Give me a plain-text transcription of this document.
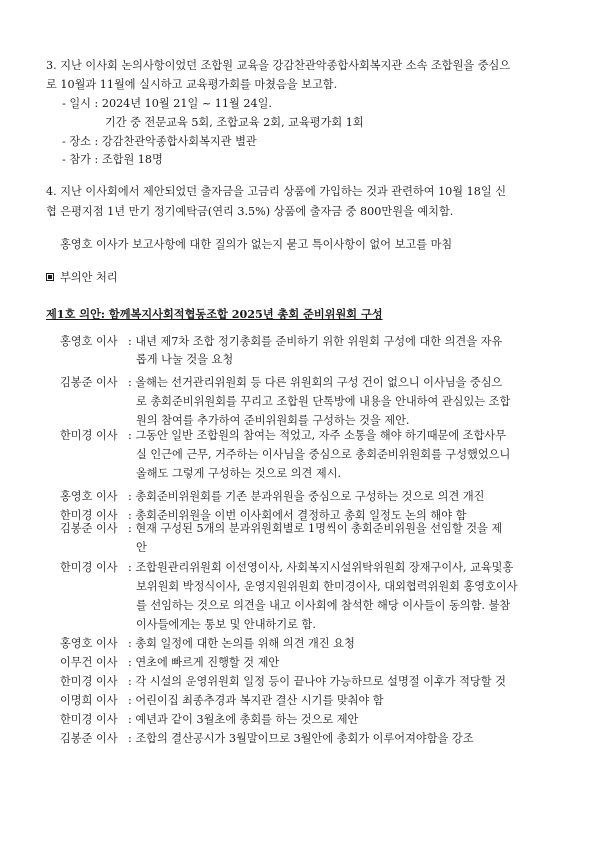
3. 지난 이사회 논의사항이었던 조합원 교육을 강감찬관악종합사회복지관 소속 조합원을 중심으
로 10월과 11월에 실시하고 교육평가회를 마쳤음을 보고함.
- 일시 : 2024년 10월 21일 ~ 11월 24일.
기간 중 전문교육 5회, 조합교육 2회, 교육평가회 1회
- 장소 : 강감찬관악종합사회복지관 별관
- 참가 : 조합원 18명
4. 지난 이사회에서 제안되었던 출자금을 고금리 상품에 가입하는 것과 관련하여 10월 18일 신
협 은평지점 1년 만기 정기예탁금(연리 3.5%) 상품에 출자금 중 800만원을 예치함.
홍영호 이사가 보고사항에 대한 질의가 없는지 묻고 특이사항이 없어 보고를 마침
부의안 처리
제1호 의안: 함께복지사회적협동조합 2025년 총회 준비위원회 구성
홍영호 이사 : 내년 제7차 조합 정기총회를 준비하기 위한 위원회 구성에 대한 의견을 자유
롭게 나눌 것을 요청
김봉준 이사 : 올해는 선거관리위원회 등 다른 위원회의 구성 건이 없으니 이사님을 중심으
로 총회준비위원회를 꾸리고 조합원 단톡방에 내용을 안내하여 관심있는 조합
원의 참여를 추가하여 준비위원회를 구성하는 것을 제안.
한미경 이사 : 그동안 일반 조합원의 참여는 적었고, 자주 소통을 해야 하기때문에 조합사무
실 인근에 근무, 거주하는 이사님을 중심으로 총회준비위원회를 구성했었으니
올해도 그렇게 구성하는 것으로 의견 제시.
홍영호 이사 : 총회준비위원회를 기존 분과위원을 중심으로 구성하는 것으로 의견 개진
한미경 이사 : 총회준비위원을 이번 이사회에서 결정하고 총회 일정도 논의 해야 함
김봉준 이사 : 현재 구성된 5개의 분과위원회별로 1명씩이 총회준비위원을 선임할 것을 제
안
한미경 이사 : 조합원관리위원회 이선영이사, 사회복지시설위탁위원회 장재구이사, 교육및홍
보위원회 박정식이사, 운영지원위원회 한미경이사, 대외협력위원회 홍영호이사
를 선임하는 것으로 의견을 내고 이사회에 참석한 해당 이사들이 동의함. 불참
이사들에게는 통보 및 안내하기로 함.
홍영호 이사 : 총회 일정에 대한 논의를 위해 의견 개진 요청
이무건 이사 : 연초에 빠르게 진행할 것 제안
한미경 이사 : 각 시설의 운영위원회 일정 등이 끝나야 가능하므로 설명절 이후가 적당할 것
이명희 이사 : 어린이집 최종추경과 복지관 결산 시기를 맞춰야 함
한미경 이사 : 예년과 같이 3월초에 총회를 하는 것으로 제안
김봉준 이사 : 조합의 결산공시가 3월말이므로 3월안에 총회가 이루어져야함을 강조
